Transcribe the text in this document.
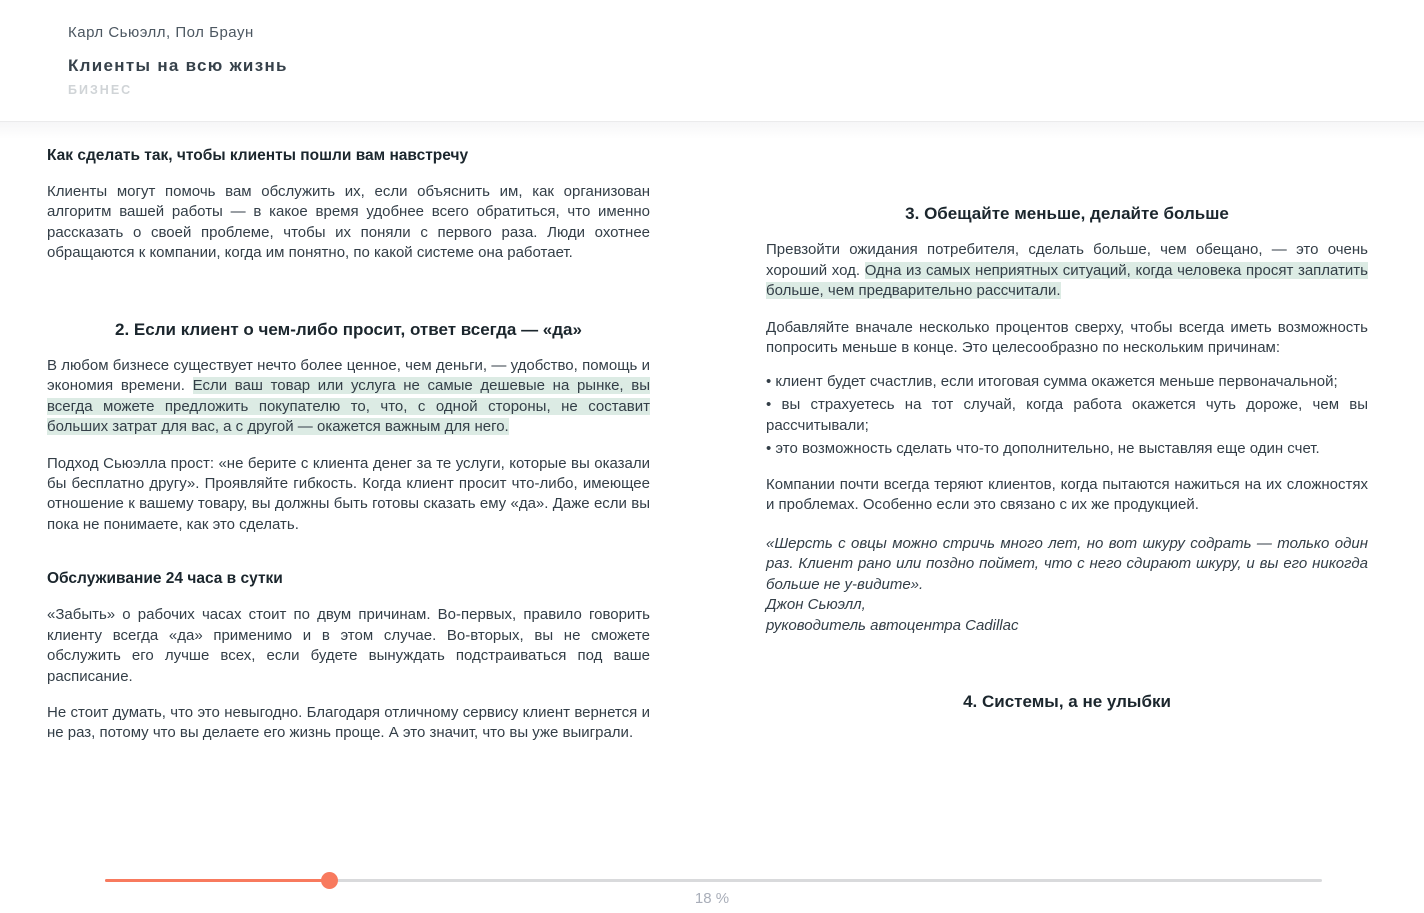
Карл Сьюэлл, Пол Браун
Клиенты на всю жизнь
БИЗНЕС
Как сделать так, чтобы клиенты пошли вам навстречу

Клиенты могут помочь вам обслужить их, если объяснить им, как организован алгоритм вашей работы — в какое время удобнее всего обратиться, что именно рассказать о своей проблеме, чтобы их поняли с первого раза. Люди охотнее обращаются к компании, когда им понятно, по какой системе она работает.

2. Если клиент о чем-либо просит, ответ всегда — «да»

В любом бизнесе существует нечто более ценное, чем деньги, — удобство, помощь и экономия времени. Если ваш товар или услуга не самые дешевые на рынке, вы всегда можете предложить покупателю то, что, с одной стороны, не составит больших затрат для вас, а с другой — окажется важным для него.

Подход Сьюэлла прост: «не берите с клиента денег за те услуги, которые вы оказали бы бесплатно другу». Проявляйте гибкость. Когда клиент просит что-либо, имеющее отношение к вашему товару, вы должны быть готовы сказать ему «да». Даже если вы пока не понимаете, как это сделать.

Обслуживание 24 часа в сутки

«Забыть» о рабочих часах стоит по двум причинам. Во-первых, правило говорить клиенту всегда «да» применимо и в этом случае. Во-вторых, вы не сможете обслужить его лучше всех, если будете вынуждать подстраиваться под ваше расписание.

Не стоит думать, что это невыгодно. Благодаря отличному сервису клиент вернется и не раз, потому что вы делаете его жизнь проще. А это значит, что вы уже выиграли.

3. Обещайте меньше, делайте больше

Превзойти ожидания потребителя, сделать больше, чем обещано, — это очень хороший ход. Одна из самых неприятных ситуаций, когда человека просят заплатить больше, чем предварительно рассчитали.

Добавляйте вначале несколько процентов сверху, чтобы всегда иметь возможность попросить меньше в конце. Это целесообразно по нескольким причинам:

• клиент будет счастлив, если итоговая сумма окажется меньше первоначальной;
• вы страхуетесь на тот случай, когда работа окажется чуть дороже, чем вы рассчитывали;
• это возможность сделать что-то дополнительно, не выставляя еще один счет.

Компании почти всегда теряют клиентов, когда пытаются нажиться на их сложностях и проблемах. Особенно если это связано с их же продукцией.

«Шерсть с овцы можно стричь много лет, но вот шкуру содрать — только один раз. Клиент рано или поздно поймет, что с него сдирают шкуру, и вы его никогда больше не у-видите».

Джон Сьюэлл,
руководитель автоцентра Cadillac
4. Системы, а не улыбки
18 %
